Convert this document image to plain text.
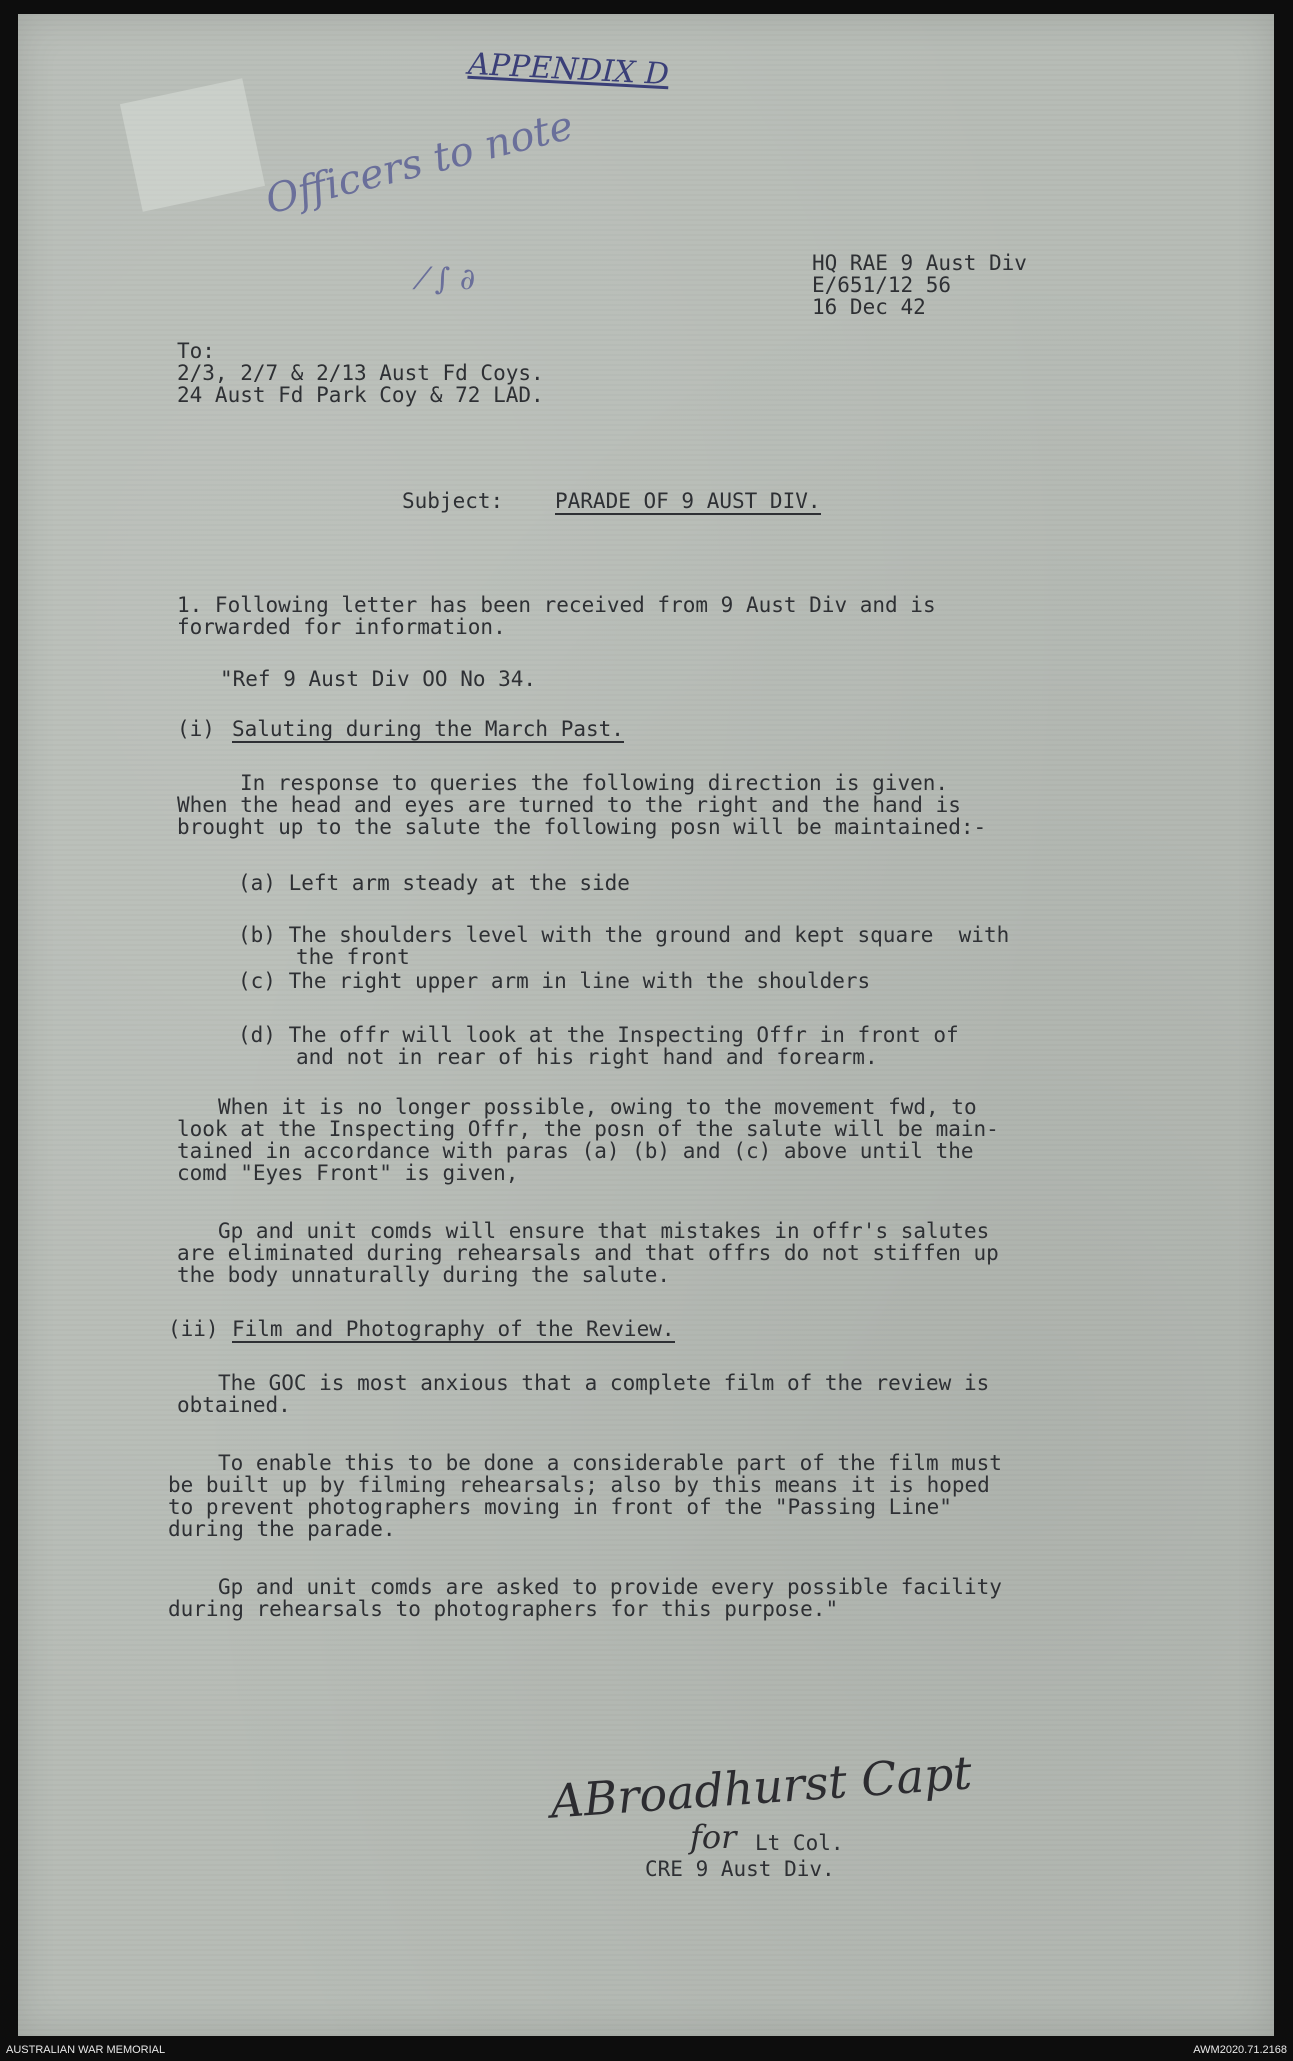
APPENDIX D

Officers to note

⁄ ∫ ∂	HQ RAE 9 Aust Div

E/651/12 56

16 Dec 42

To:

2/3, 2/7 & 2/13 Aust Fd Coys.

24 Aust Fd Park Coy & 72 LAD.

Subject: PARADE OF 9 AUST DIV.

1. Following letter has been received from 9 Aust Div and is

forwarded for information.

"Ref 9 Aust Div OO No 34.

(i) Saluting during the March Past.

In response to queries the following direction is given.

When the head and eyes are turned to the right and the hand is

brought up to the salute the following posn will be maintained:-

(a) Left arm steady at the side

(b) The shoulders level with the ground and kept square  with

the front

(c) The right upper arm in line with the shoulders

(d) The offr will look at the Inspecting Offr in front of

and not in rear of his right hand and forearm.

When it is no longer possible, owing to the movement fwd, to

look at the Inspecting Offr, the posn of the salute will be main-

tained in accordance with paras (a) (b) and (c) above until the

comd "Eyes Front" is given,

Gp and unit comds will ensure that mistakes in offr's salutes

are eliminated during rehearsals and that offrs do not stiffen up

the body unnaturally during the salute.

(ii) Film and Photography of the Review.

The GOC is most anxious that a complete film of the review is

obtained.

To enable this to be done a considerable part of the film must

be built up by filming rehearsals; also by this means it is hoped

to prevent photographers moving in front of the "Passing Line"

during the parade.

Gp and unit comds are asked to provide every possible facility

during rehearsals to photographers for this purpose."

ABroadhurst Capt

for Lt Col.

CRE 9 Aust Div.

AUSTRALIAN WAR MEMORIAL	AWM2020.71.2168
